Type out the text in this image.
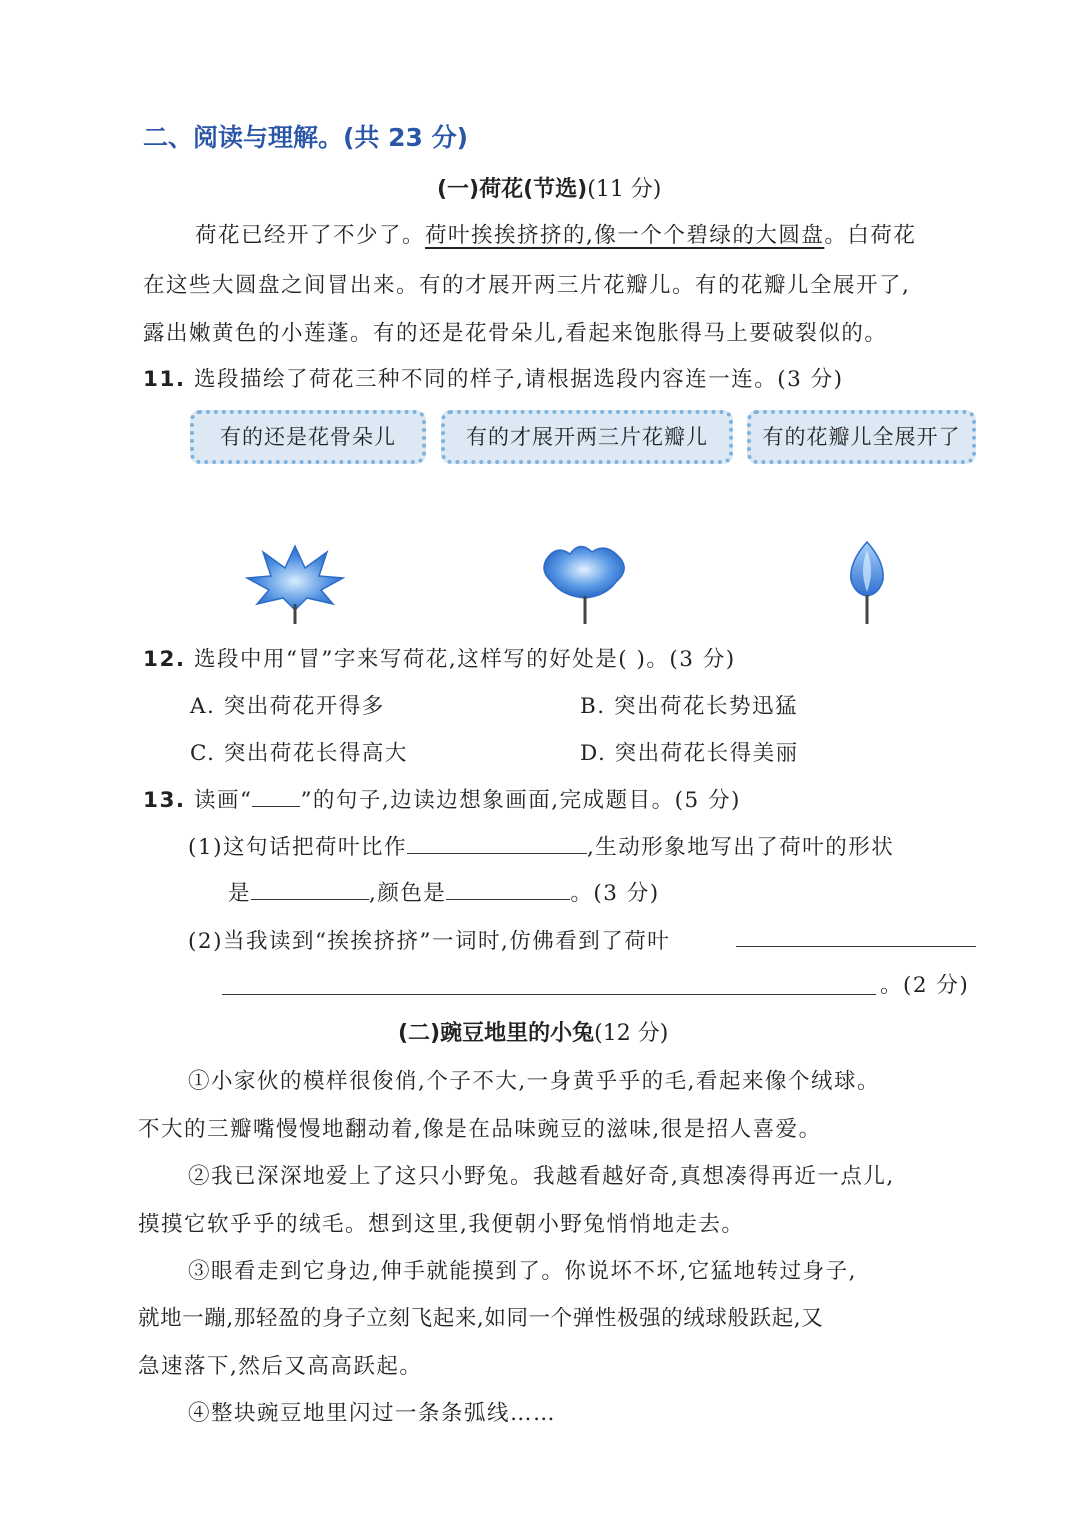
二、阅读与理解。(共 23 分)
(一)荷花(节选)(11 分)
荷花已经开了不少了。荷叶挨挨挤挤的,像一个个碧绿的大圆盘。白荷花
在这些大圆盘之间冒出来。有的才展开两三片花瓣儿。有的花瓣儿全展开了,
露出嫩黄色的小莲蓬。有的还是花骨朵儿,看起来饱胀得马上要破裂似的。
11. 选段描绘了荷花三种不同的样子,请根据选段内容连一连。(3 分)
有的还是花骨朵儿	有的才展开两三片花瓣儿	有的花瓣儿全展开了
12. 选段中用“冒”字来写荷花,这样写的好处是( )。(3 分)
A. 突出荷花开得多	B. 突出荷花长势迅猛
C. 突出荷花长得高大	D. 突出荷花长得美丽
13. 读画“ ”的句子,边读边想象画面,完成题目。(5 分)
(1)这句话把荷叶比作	,生动形象地写出了荷叶的形状
是	,颜色是	。(3 分)
(2)当我读到“挨挨挤挤”一词时,仿佛看到了荷叶
。(2 分)
(二)豌豆地里的小兔(12 分)
①小家伙的模样很俊俏,个子不大,一身黄乎乎的毛,看起来像个绒球。
不大的三瓣嘴慢慢地翻动着,像是在品味豌豆的滋味,很是招人喜爱。
②我已深深地爱上了这只小野兔。我越看越好奇,真想凑得再近一点儿,
摸摸它软乎乎的绒毛。想到这里,我便朝小野兔悄悄地走去。
③眼看走到它身边,伸手就能摸到了。你说坏不坏,它猛地转过身子,
就地一蹦,那轻盈的身子立刻飞起来,如同一个弹性极强的绒球般跃起,又
急速落下,然后又高高跃起。
④整块豌豆地里闪过一条条弧线……
